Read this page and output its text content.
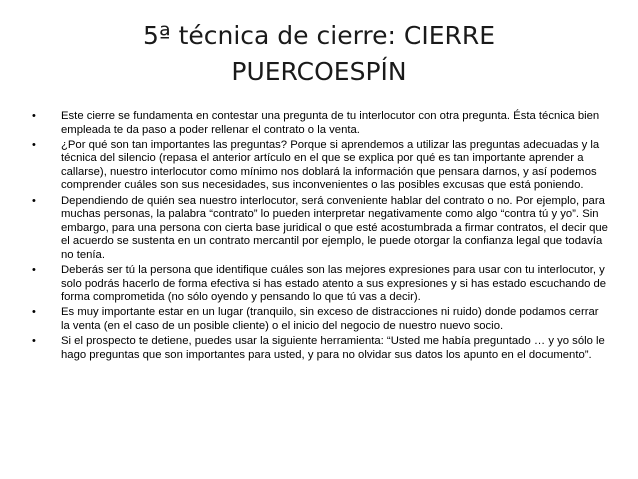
5ª técnica de cierre: CIERRE
PUERCOESPÍN
•	Este cierre se fundamenta en contestar una pregunta de tu interlocutor con otra pregunta. Ésta técnica bien empleada te da paso a poder rellenar el contrato o la venta.
•	¿Por qué son tan importantes las preguntas? Porque si aprendemos a utilizar las preguntas adecuadas y la técnica del silencio (repasa el anterior artículo en el que se explica por qué es tan importante aprender a callarse), nuestro interlocutor como mínimo nos doblará la información que pensara darnos, y así podemos comprender cuáles son sus necesidades, sus inconvenientes o las posibles excusas que está poniendo.
•	Dependiendo de quién sea nuestro interlocutor, será conveniente hablar del contrato o no. Por ejemplo, para muchas personas, la palabra “contrato” lo pueden interpretar negativamente como algo “contra tú y yo”. Sin embargo, para una persona con cierta base juridical o que esté acostumbrada a firmar contratos, el decir que el acuerdo se sustenta en un contrato mercantil por ejemplo, le puede otorgar la confianza legal que todavía no tenía.
•	Deberás ser tú la persona que identifique cuáles son las mejores expresiones para usar con tu interlocutor, y solo podrás hacerlo de forma efectiva si has estado atento a sus expresiones y si has estado escuchando de forma comprometida (no sólo oyendo y pensando lo que tú vas a decir).
•	Es muy importante estar en un lugar (tranquilo, sin exceso de distracciones ni ruido) donde podamos cerrar la venta (en el caso de un posible cliente) o el inicio del negocio de nuestro nuevo socio.
•	Si el prospecto te detiene, puedes usar la siguiente herramienta: “Usted me había preguntado … y yo sólo le hago preguntas que son importantes para usted, y para no olvidar sus datos los apunto en el documento”.
